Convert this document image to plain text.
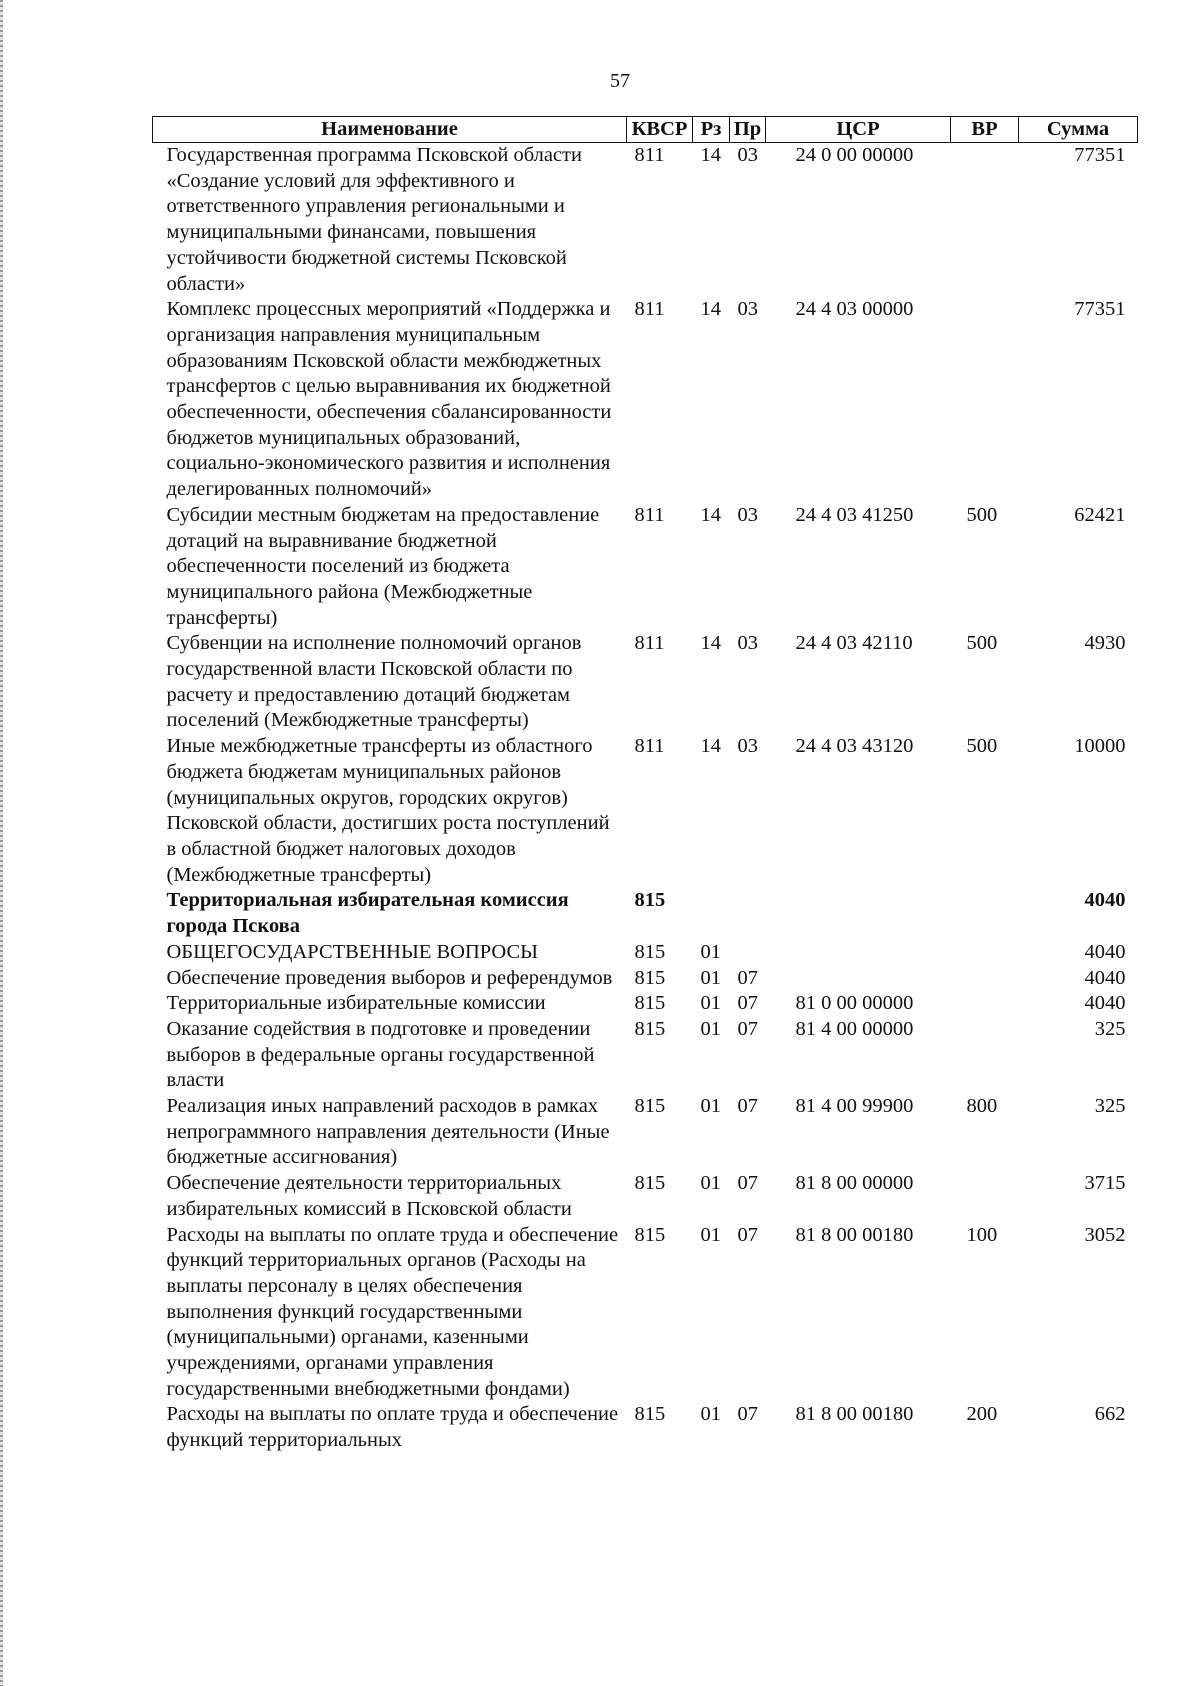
57
Наименование	КВСР	Рз	Пр	ЦСР	ВР	Сумма
Государственная программа Псковской области «Создание условий для эффективного и ответственного управления региональными и муниципальными финансами, повышения устойчивости бюджетной системы Псковской области»	811	14	03	24 0 00 00000		77351
Комплекс процессных мероприятий «Поддержка и организация направления муниципальным образованиям Псковской области межбюджетных трансфертов с целью выравнивания их бюджетной обеспеченности, обеспечения сбалансированности бюджетов муниципальных образований, социально-экономического развития и исполнения делегированных полномочий»	811	14	03	24 4 03 00000		77351
Субсидии местным бюджетам на предоставление дотаций на выравнивание бюджетной обеспеченности поселений из бюджета муниципального района (Межбюджетные трансферты)	811	14	03	24 4 03 41250	500	62421
Субвенции на исполнение полномочий органов государственной власти Псковской области по расчету и предоставлению дотаций бюджетам поселений (Межбюджетные трансферты)	811	14	03	24 4 03 42110	500	4930
Иные межбюджетные трансферты из областного бюджета бюджетам муниципальных районов (муниципальных округов, городских округов) Псковской области, достигших роста поступлений в областной бюджет налоговых доходов (Межбюджетные трансферты)	811	14	03	24 4 03 43120	500	10000
Территориальная избирательная комиссия города Пскова	815					4040
ОБЩЕГОСУДАРСТВЕННЫЕ ВОПРОСЫ	815	01				4040
Обеспечение проведения выборов и референдумов	815	01	07			4040
Территориальные избирательные комиссии	815	01	07	81 0 00 00000		4040
Оказание содействия в подготовке и проведении выборов в федеральные органы государственной власти	815	01	07	81 4 00 00000		325
Реализация иных направлений расходов в рамках непрограммного направления деятельности (Иные бюджетные ассигнования)	815	01	07	81 4 00 99900	800	325
Обеспечение деятельности территориальных избирательных комиссий в Псковской области	815	01	07	81 8 00 00000		3715
Расходы на выплаты по оплате труда и обеспечение функций территориальных органов (Расходы на выплаты персоналу в целях обеспечения выполнения функций государственными (муниципальными) органами, казенными учреждениями, органами управления государственными внебюджетными фондами)	815	01	07	81 8 00 00180	100	3052
Расходы на выплаты по оплате труда и обеспечение функций территориальных	815	01	07	81 8 00 00180	200	662
